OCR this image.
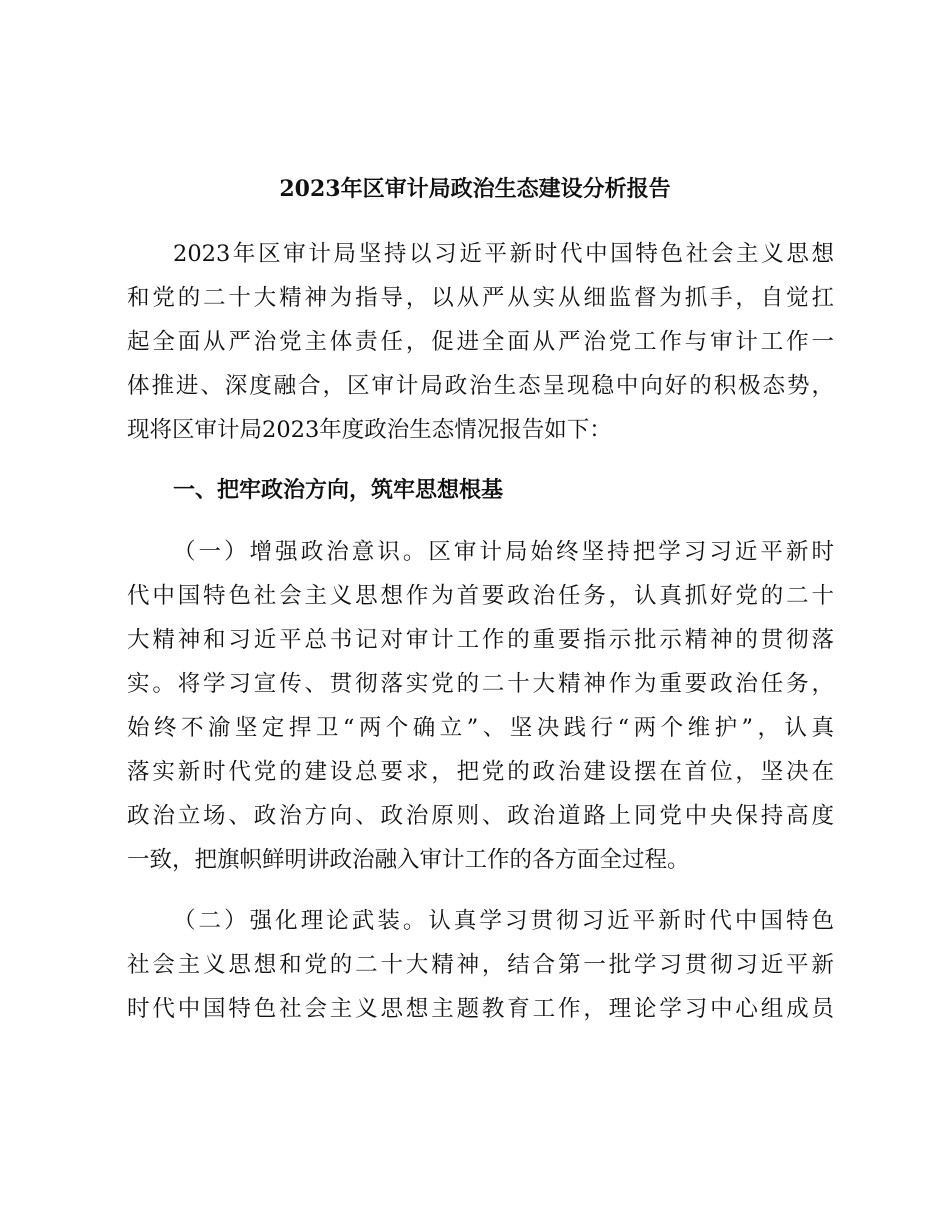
2023年区审计局政治生态建设分析报告

2023年区审计局坚持以习近平新时代中国特色社会主义思想

和党的二十大精神为指导，以从严从实从细监督为抓手，自觉扛

起全面从严治党主体责任，促进全面从严治党工作与审计工作一

体推进、深度融合，区审计局政治生态呈现稳中向好的积极态势，

现将区审计局2023年度政治生态情况报告如下：

一、把牢政治方向，筑牢思想根基

（一）增强政治意识。区审计局始终坚持把学习习近平新时

代中国特色社会主义思想作为首要政治任务，认真抓好党的二十

大精神和习近平总书记对审计工作的重要指示批示精神的贯彻落

实。将学习宣传、贯彻落实党的二十大精神作为重要政治任务，

始终不渝坚定捍卫“两个确立”、坚决践行“两个维护”，认真

落实新时代党的建设总要求，把党的政治建设摆在首位，坚决在

政治立场、政治方向、政治原则、政治道路上同党中央保持高度

一致，把旗帜鲜明讲政治融入审计工作的各方面全过程。

（二）强化理论武装。认真学习贯彻习近平新时代中国特色

社会主义思想和党的二十大精神，结合第一批学习贯彻习近平新

时代中国特色社会主义思想主题教育工作，理论学习中心组成员
